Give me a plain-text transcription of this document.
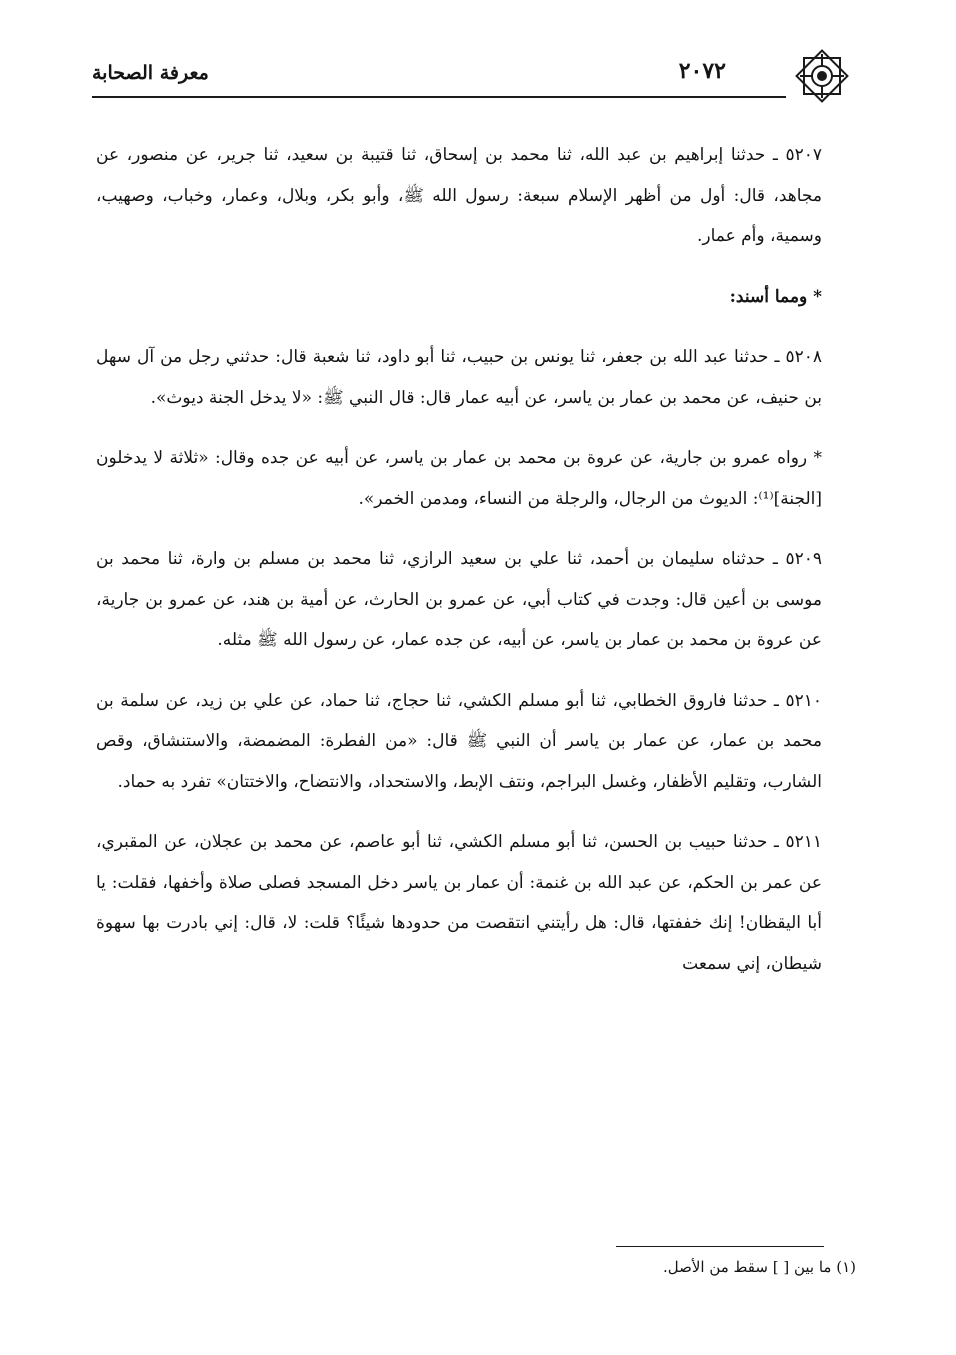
معرفة الصحابة	٢٠٧٢

٥٢٠٧ ـ حدثنا إبراهيم بن عبد الله، ثنا محمد بن إسحاق، ثنا قتيبة بن سعيد، ثنا جرير، عن منصور، عن مجاهد، قال: أول من أظهر الإسلام سبعة: رسول الله ﷺ، وأبو بكر، وبلال، وعمار، وخباب، وصهيب، وسمية، وأم عمار.

* ومما أسند:

٥٢٠٨ ـ حدثنا عبد الله بن جعفر، ثنا يونس بن حبيب، ثنا أبو داود، ثنا شعبة قال: حدثني رجل من آل سهل بن حنيف، عن محمد بن عمار بن ياسر، عن أبيه عمار قال: قال النبي ﷺ: «لا يدخل الجنة ديوث».

* رواه عمرو بن جارية، عن عروة بن محمد بن عمار بن ياسر، عن أبيه عن جده وقال: «ثلاثة لا يدخلون [الجنة]⁽¹⁾: الديوث من الرجال، والرجلة من النساء، ومدمن الخمر».

٥٢٠٩ ـ حدثناه سليمان بن أحمد، ثنا علي بن سعيد الرازي، ثنا محمد بن مسلم بن وارة، ثنا محمد بن موسى بن أعين قال: وجدت في كتاب أبي، عن عمرو بن الحارث، عن أمية بن هند، عن عمرو بن جارية، عن عروة بن محمد بن عمار بن ياسر، عن أبيه، عن جده عمار، عن رسول الله ﷺ مثله.

٥٢١٠ ـ حدثنا فاروق الخطابي، ثنا أبو مسلم الكشي، ثنا حجاج، ثنا حماد، عن علي بن زيد، عن سلمة بن محمد بن عمار، عن عمار بن ياسر أن النبي ﷺ قال: «من الفطرة: المضمضة، والاستنشاق، وقص الشارب، وتقليم الأظفار، وغسل البراجم، ونتف الإبط، والاستحداد، والانتضاح، والاختتان» تفرد به حماد.

٥٢١١ ـ حدثنا حبيب بن الحسن، ثنا أبو مسلم الكشي، ثنا أبو عاصم، عن محمد بن عجلان، عن المقبري، عن عمر بن الحكم، عن عبد الله بن غنمة: أن عمار بن ياسر دخل المسجد فصلى صلاة وأخفها، فقلت: يا أبا اليقظان! إنك خففتها، قال: هل رأيتني انتقصت من حدودها شيئًا؟ قلت: لا، قال: إني بادرت بها سهوة شيطان، إني سمعت

(١) ما بين [ ] سقط من الأصل.
